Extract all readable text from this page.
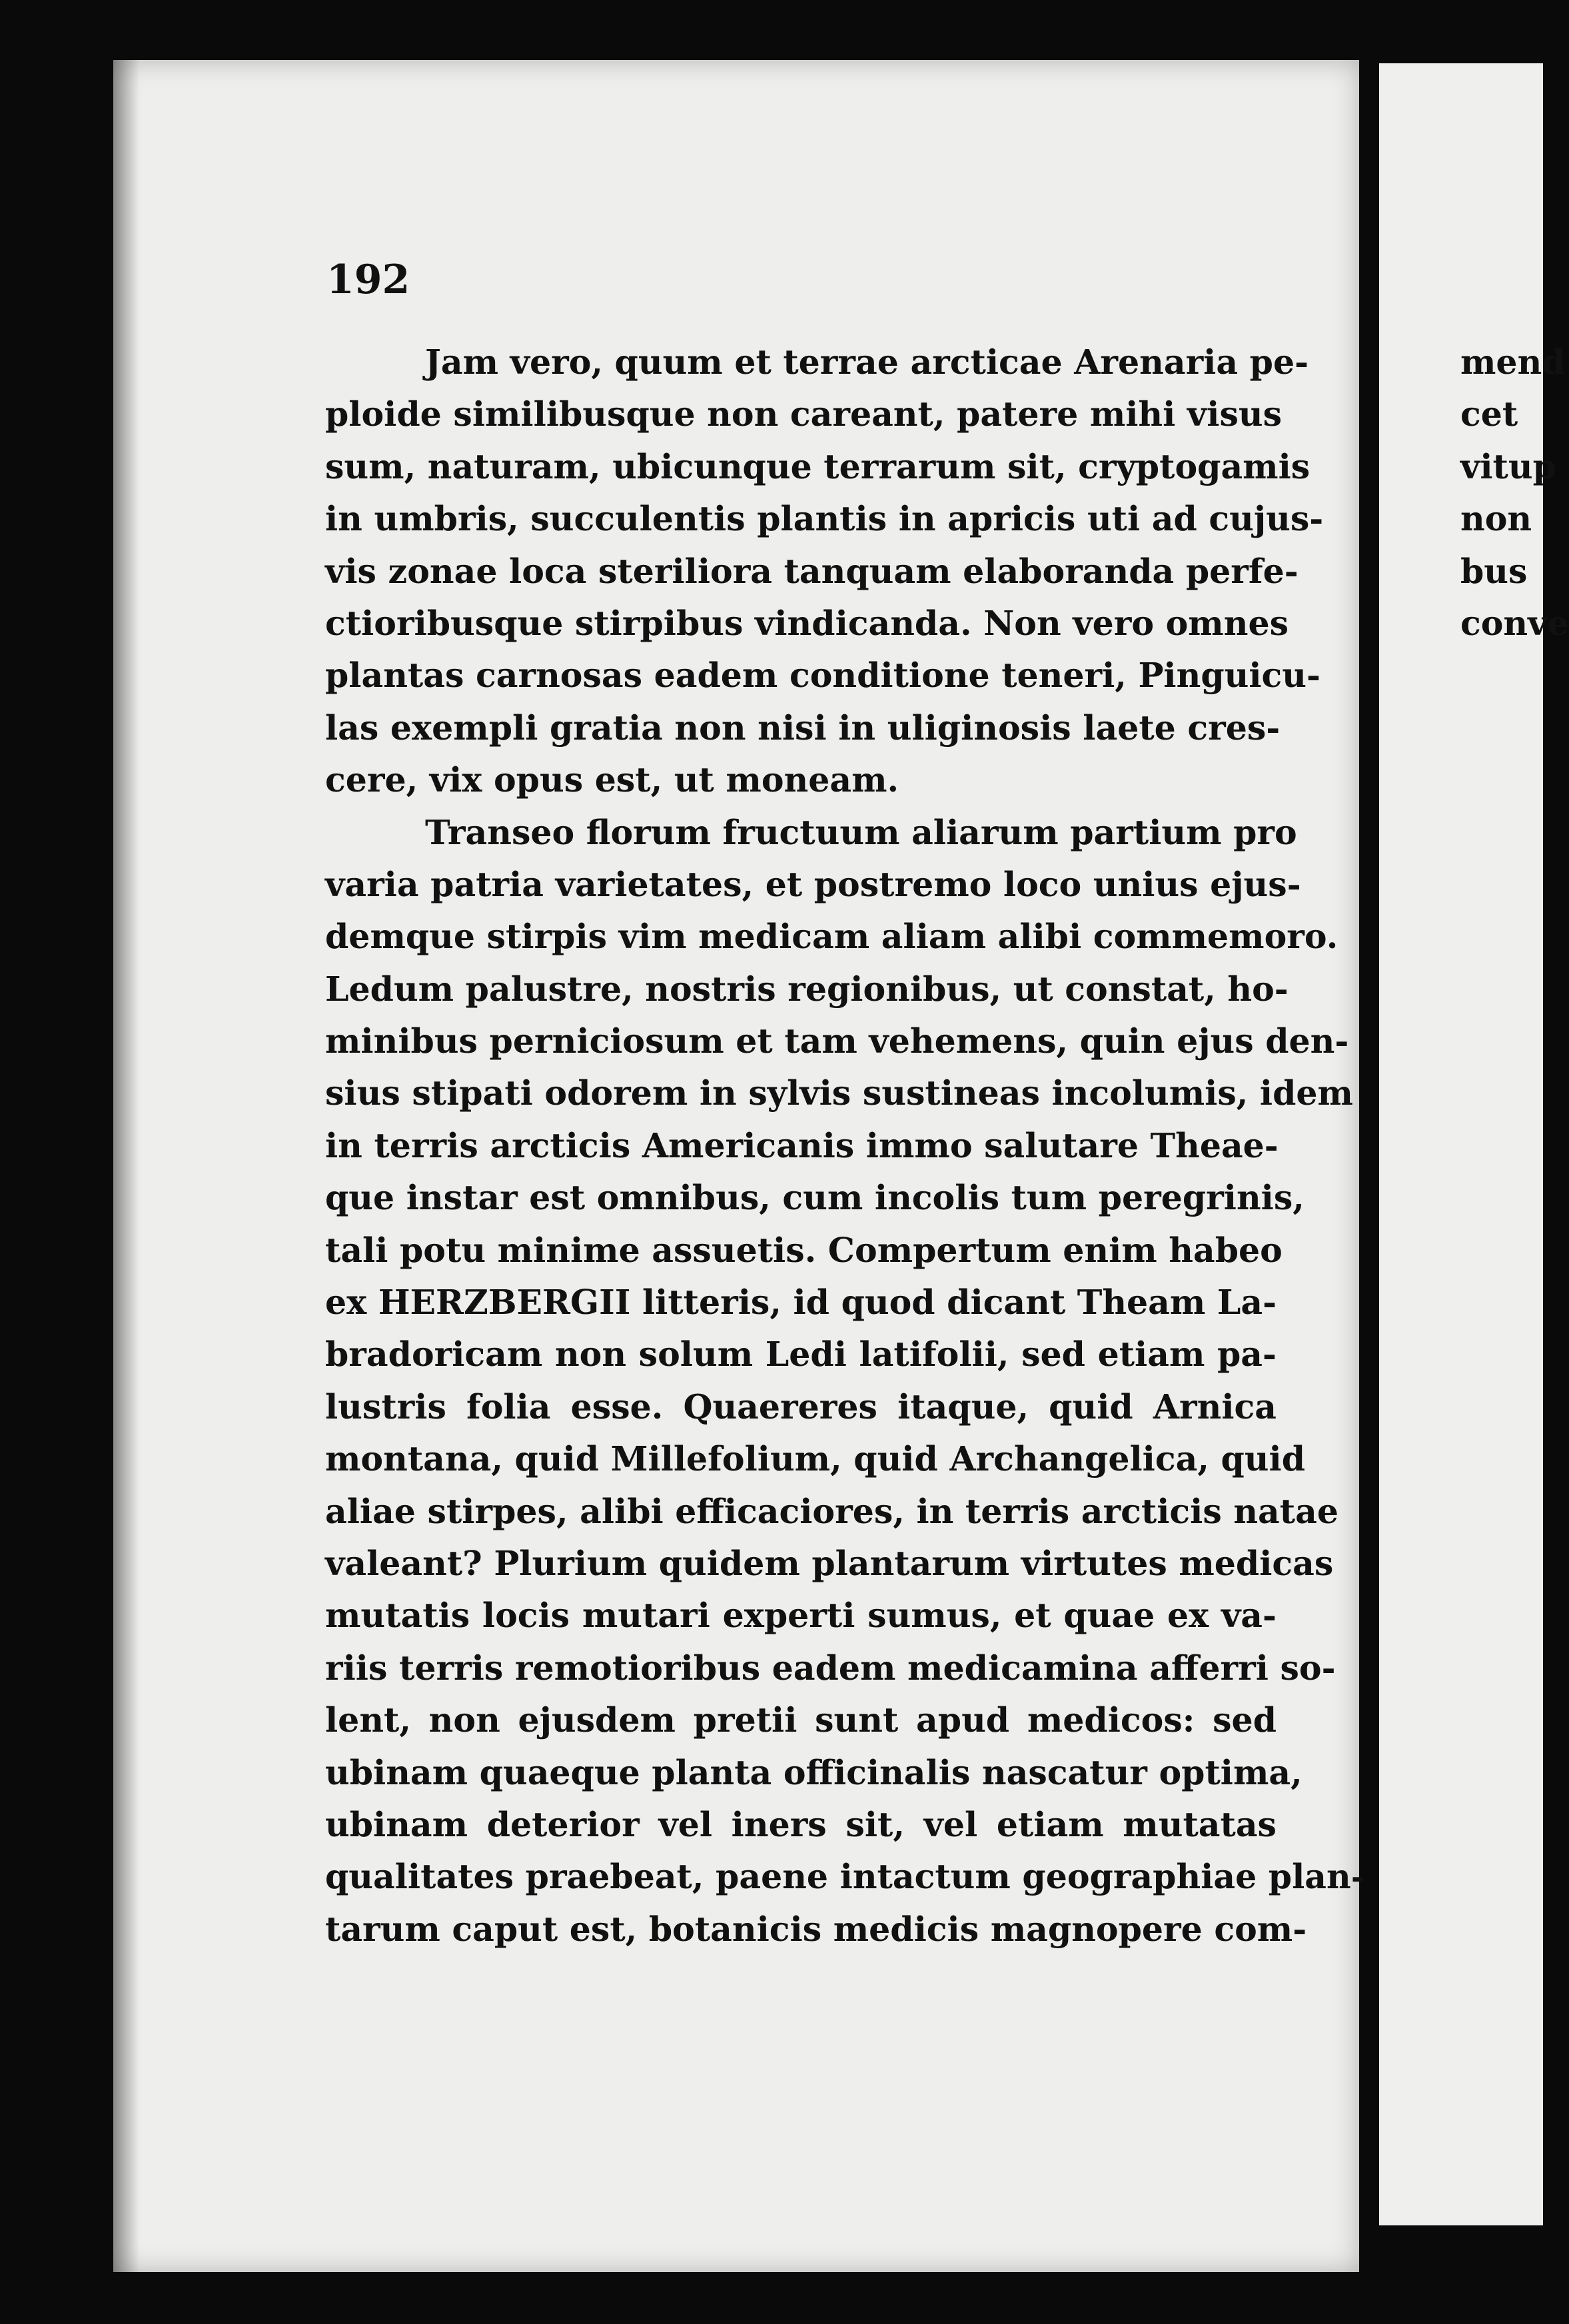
192

Jam vero, quum et terrae arcticae Arenaria pe-
ploide similibusque non careant, patere mihi visus
sum, naturam, ubicunque terrarum sit, cryptogamis
in umbris, succulentis plantis in apricis uti ad cujus-
vis zonae loca steriliora tanquam elaboranda perfe-
ctioribusque stirpibus vindicanda. Non vero omnes
plantas carnosas eadem conditione teneri, Pinguicu-
las exempli gratia non nisi in uliginosis laete cres-
cere, vix opus est, ut moneam.
Transeo florum fructuum aliarum partium pro
varia patria varietates, et postremo loco unius ejus-
demque stirpis vim medicam aliam alibi commemoro.
Ledum palustre, nostris regionibus, ut constat, ho-
minibus perniciosum et tam vehemens, quin ejus den-
sius stipati odorem in sylvis sustineas incolumis, idem
in terris arcticis Americanis immo salutare Theae-
que instar est omnibus, cum incolis tum peregrinis,
tali potu minime assuetis. Compertum enim habeo
ex HERZBERGII litteris, id quod dicant Theam La-
bradoricam non solum Ledi latifolii, sed etiam pa-
lustris folia esse. Quaereres itaque, quid Arnica
montana, quid Millefolium, quid Archangelica, quid
aliae stirpes, alibi efficaciores, in terris arcticis natae
valeant? Plurium quidem plantarum virtutes medicas
mutatis locis mutari experti sumus, et quae ex va-
riis terris remotioribus eadem medicamina afferri so-
lent, non ejusdem pretii sunt apud medicos: sed
ubinam quaeque planta officinalis nascatur optima,
ubinam deterior vel iners sit, vel etiam mutatas
qualitates praebeat, paene intactum geographiae plan-
tarum caput est, botanicis medicis magnopere com-
mend
cet
vitup
non
bus
conve
